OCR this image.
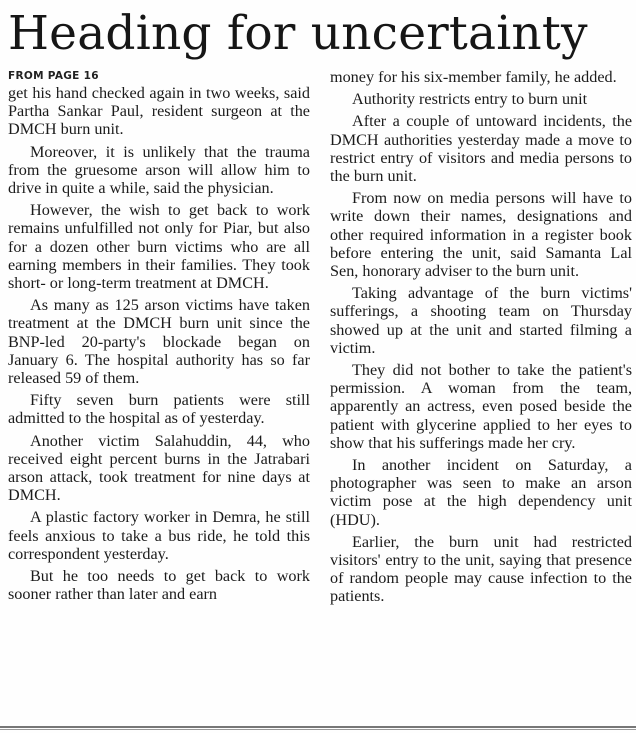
Heading for uncertainty
FROM PAGE 16

get his hand checked again in two weeks, said Partha Sankar Paul, resident surgeon at the DMCH burn unit.

Moreover, it is unlikely that the trauma from the gruesome arson will allow him to drive in quite a while, said the physician.

However, the wish to get back to work remains unfulfilled not only for Piar, but also for a dozen other burn victims who are all earning members in their families. They took short- or long-term treatment at DMCH.

As many as 125 arson victims have taken treatment at the DMCH burn unit since the BNP-led 20-party's blockade began on January 6. The hospital authority has so far released 59 of them.

Fifty seven burn patients were still admitted to the hospital as of yesterday.

Another victim Salahuddin, 44, who received eight percent burns in the Jatrabari arson attack, took treatment for nine days at DMCH.

A plastic factory worker in Demra, he still feels anxious to take a bus ride, he told this correspondent yesterday.

But he too needs to get back to work sooner rather than later and earn

money for his six-member family, he added.

Authority restricts entry to burn unit

After a couple of untoward incidents, the DMCH authorities yesterday made a move to restrict entry of visitors and media persons to the burn unit.

From now on media persons will have to write down their names, designations and other required information in a register book before entering the unit, said Samanta Lal Sen, honorary adviser to the burn unit.

Taking advantage of the burn victims' sufferings, a shooting team on Thursday showed up at the unit and started filming a victim.

They did not bother to take the patient's permission. A woman from the team, apparently an actress, even posed beside the patient with glycerine applied to her eyes to show that his sufferings made her cry.

In another incident on Saturday, a photographer was seen to make an arson victim pose at the high dependency unit (HDU).

Earlier, the burn unit had restricted visitors' entry to the unit, saying that presence of random people may cause infection to the patients.
